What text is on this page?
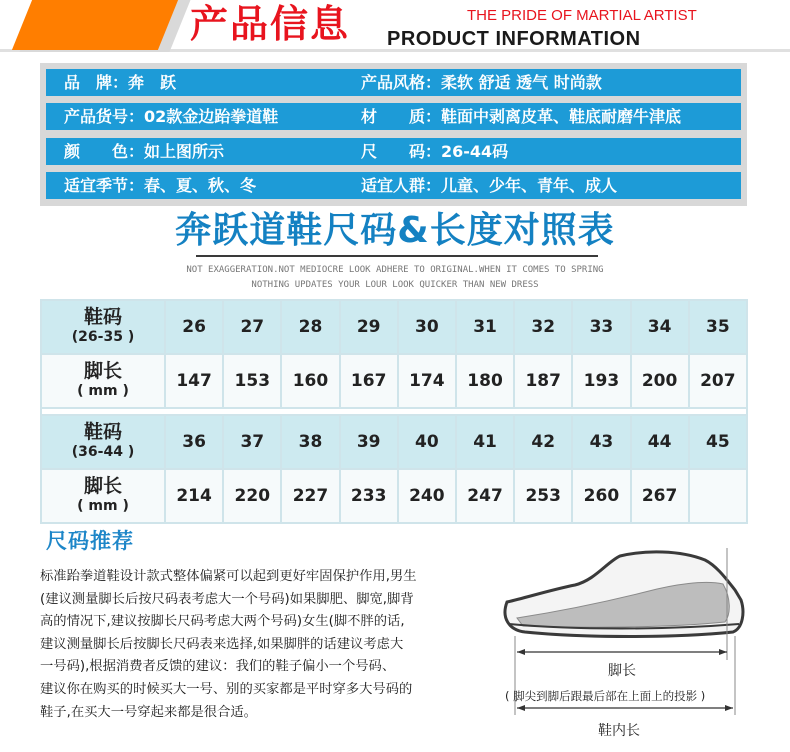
产品信息	THE PRIDE OF MARTIAL ARTIST
PRODUCT INFORMATION
品　牌：奔　跃	产品风格：柔软 舒适 透气 时尚款
产品货号：02款金边跆拳道鞋	材　　质：鞋面中剥离皮革、鞋底耐磨牛津底
颜　　色：如上图所示	尺　　码：26-44码
适宜季节：春、夏、秋、冬	适宜人群：儿童、少年、青年、成人
奔跃道鞋尺码&长度对照表
NOT EXAGGERATION.NOT MEDIOCRE LOOK ADHERE TO ORIGINAL.WHEN IT COMES TO SPRING
NOTHING UPDATES YOUR LOUR LOOK QUICKER THAN NEW DRESS
鞋码
(26-35 )	26	27	28	29	30	31	32	33	34	35

脚长
( mm )	147	153	160	167	174	180	187	193	200	207

鞋码
(36-44 )	36	37	38	39	40	41	42	43	44	45

脚长
( mm )	214	220	227	233	240	247	253	260	267	
尺码推荐
标准跆拳道鞋设计款式整体偏紧可以起到更好牢固保护作用,男生
(建议测量脚长后按尺码表考虑大一个号码)如果脚肥、脚宽,脚背
高的情况下,建议按脚长尺码考虑大两个号码)女生(脚不胖的话,
建议测量脚长后按脚长尺码表来选择,如果脚胖的话建议考虑大
一号码),根据消费者反馈的建议：我们的鞋子偏小一个号码、
建议你在购买的时候买大一号、别的买家都是平时穿多大号码的
鞋子,在买大一号穿起来都是很合适。
脚长
( 脚尖到脚后跟最后部在上面上的投影 )
鞋内长
